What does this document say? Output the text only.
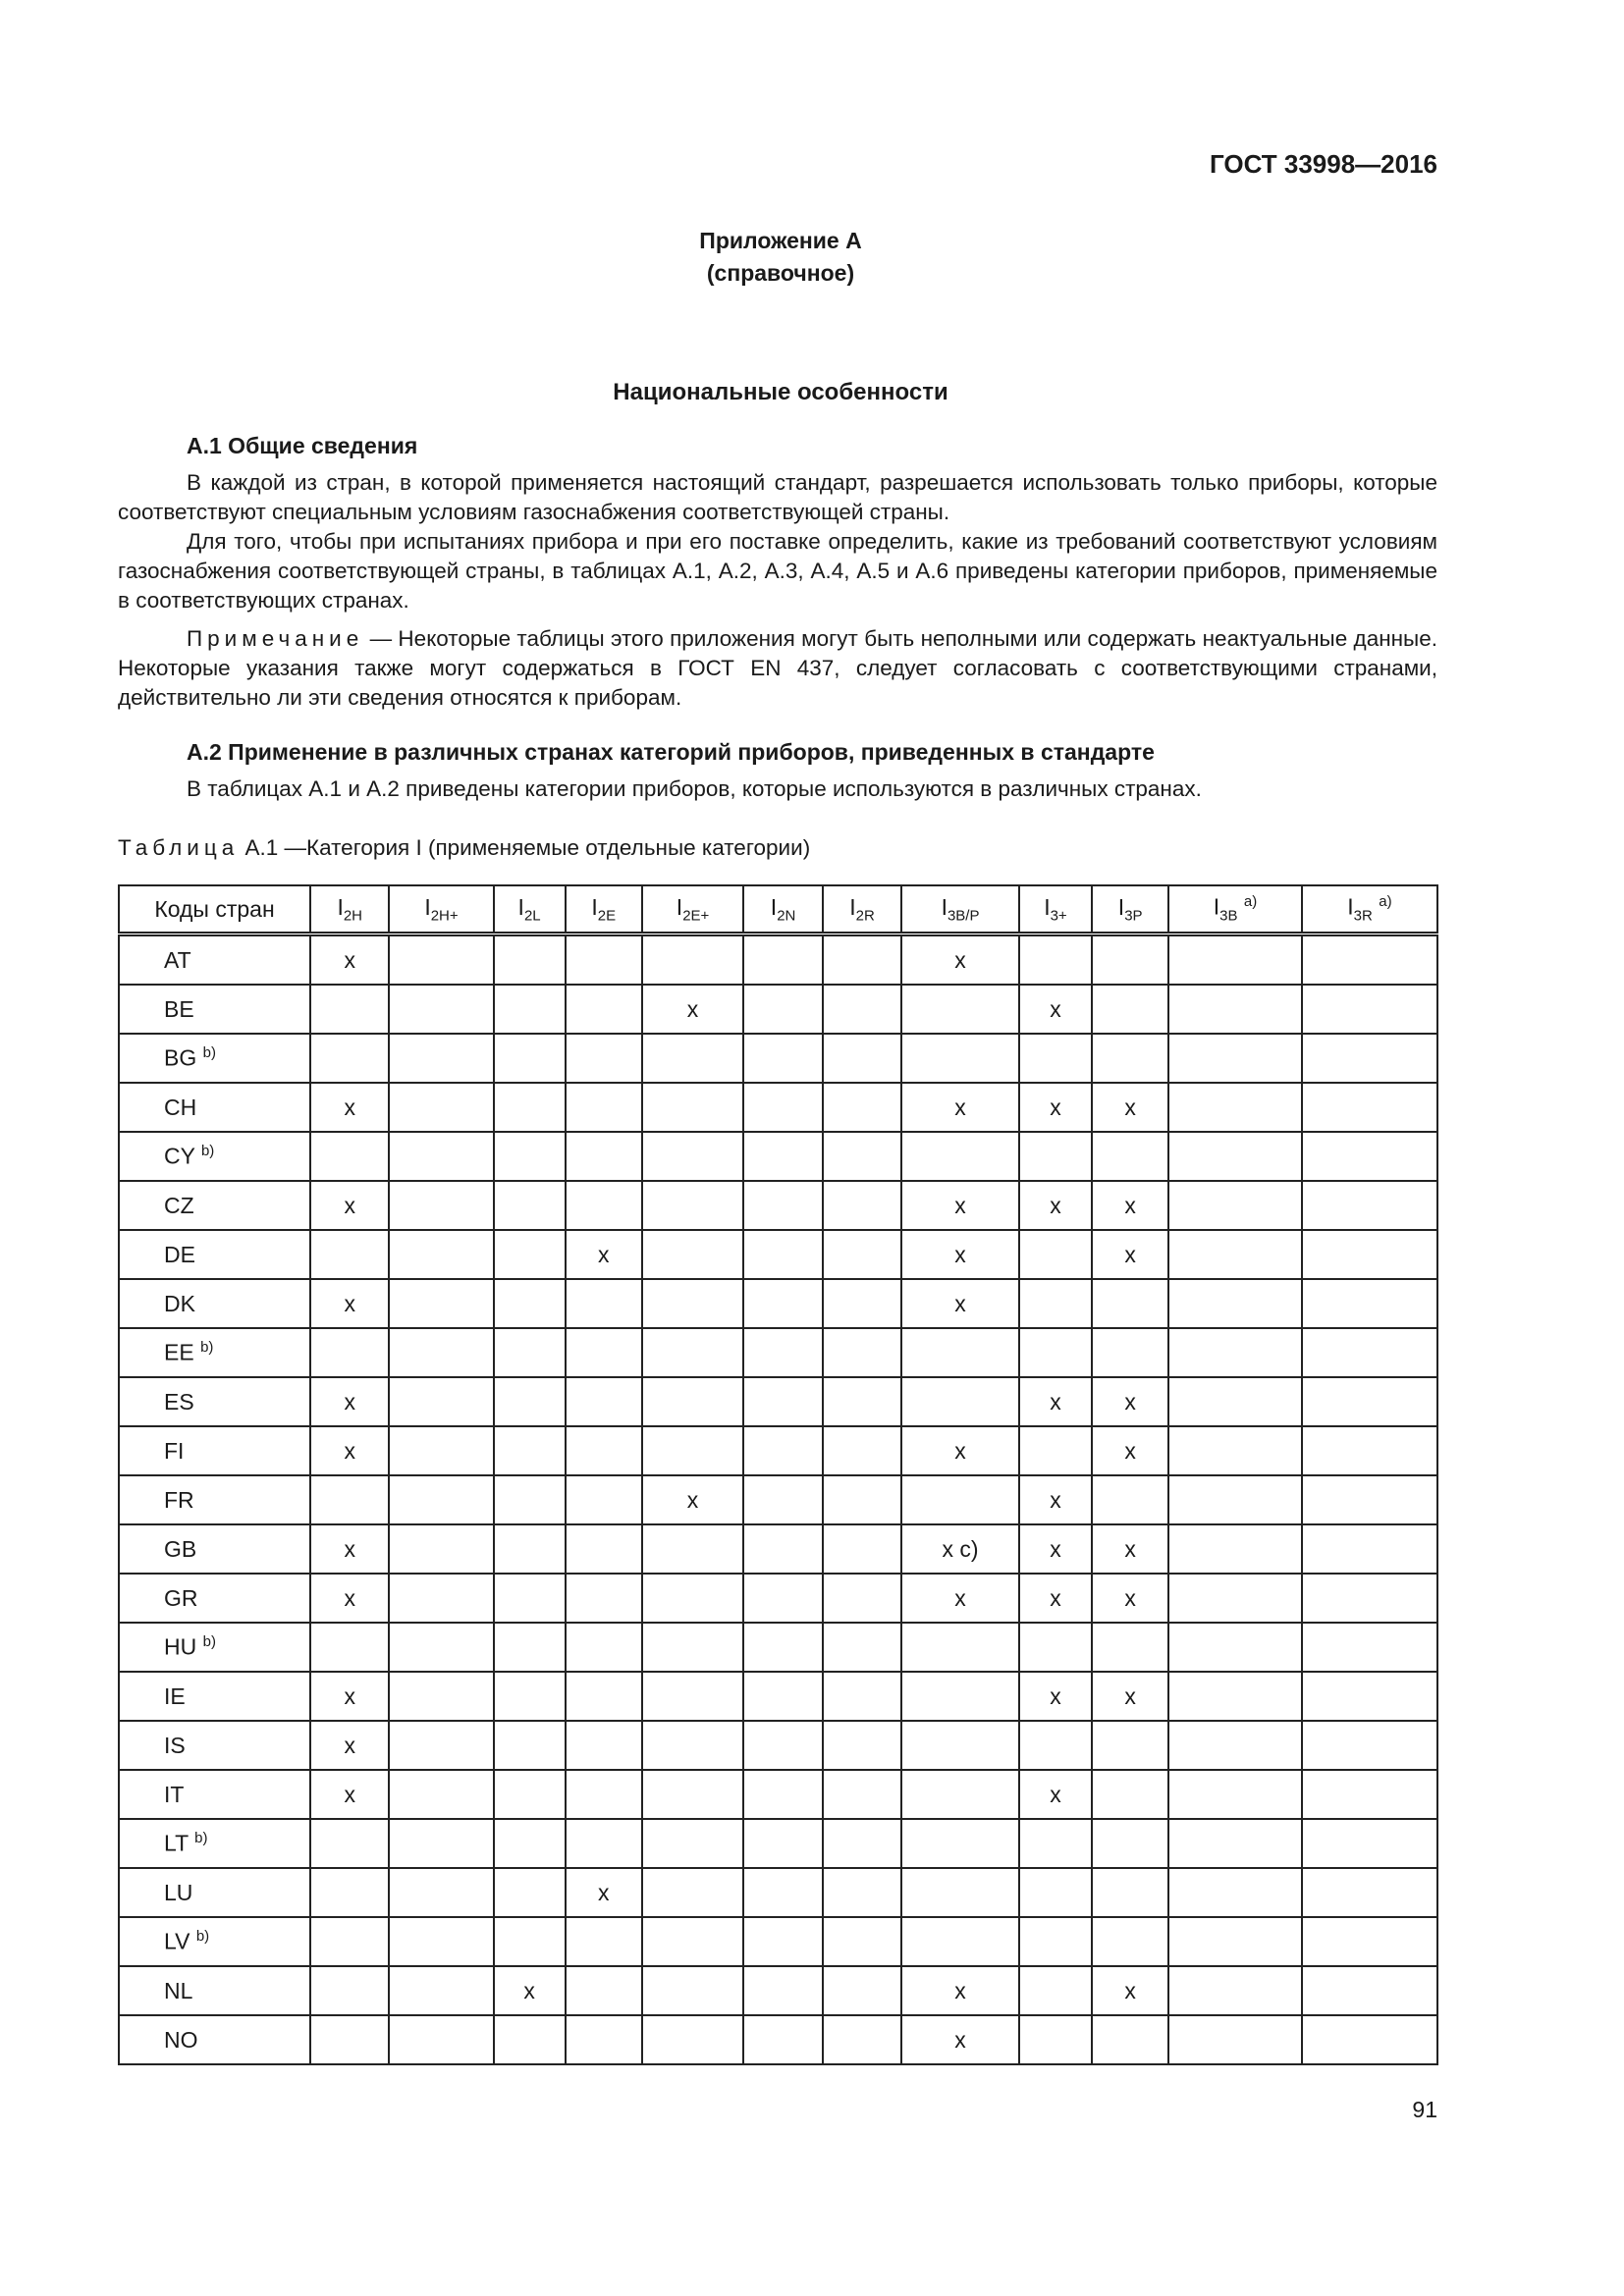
ГОСТ 33998—2016
Приложение А
(справочное)
Национальные особенности
А.1 Общие сведения
В каждой из стран, в которой применяется настоящий стандарт, разрешается использовать только приборы, которые соответствуют специальным условиям газоснабжения соответствующей страны.
Для того, чтобы при испытаниях прибора и при его поставке определить, какие из требований соответствуют условиям газоснабжения соответствующей страны, в таблицах А.1, А.2, А.3, А.4, А.5 и А.6 приведены категории приборов, применяемые в соответствующих странах.
Примечание — Некоторые таблицы этого приложения могут быть неполными или содержать неактуальные данные. Некоторые указания также могут содержаться в ГОСТ EN 437, следует согласовать с соответствующими странами, действительно ли эти сведения относятся к приборам.
А.2 Применение в различных странах категорий приборов, приведенных в стандарте
В таблицах А.1 и А.2 приведены категории приборов, которые используются в различных странах.
Таблица А.1 —Категория I (применяемые отдельные категории)
Коды стран	$I_{2H}$	$I_{2H+}$	$I_{2L}$	$I_{2E}$	$I_{2E+}$	$I_{2N}$	$I_{2R}$	$I_{3B/P}$	$I_{3+}$	$I_{3P}$	$I_{3B}$ $^{a)}$	$I_{3R}$ $^{a)}$
AT	x							x				
BE					x				x			
BG $^{b)}$												
CH	x							x	x	x		
CY $^{b)}$												
CZ	x							x	x	x		
DE				x				x		x		
DK	x							x				
EE $^{b)}$												
ES	x								x	x		
FI	x							x		x		
FR					x				x			
GB	x							x c)	x	x		
GR	x							x	x	x		
HU $^{b)}$												
IE	x								x	x		
IS	x											
IT	x								x			
LT $^{b)}$												
LU				x								
LV $^{b)}$												
NL			x					x		x		
NO								x				
91
